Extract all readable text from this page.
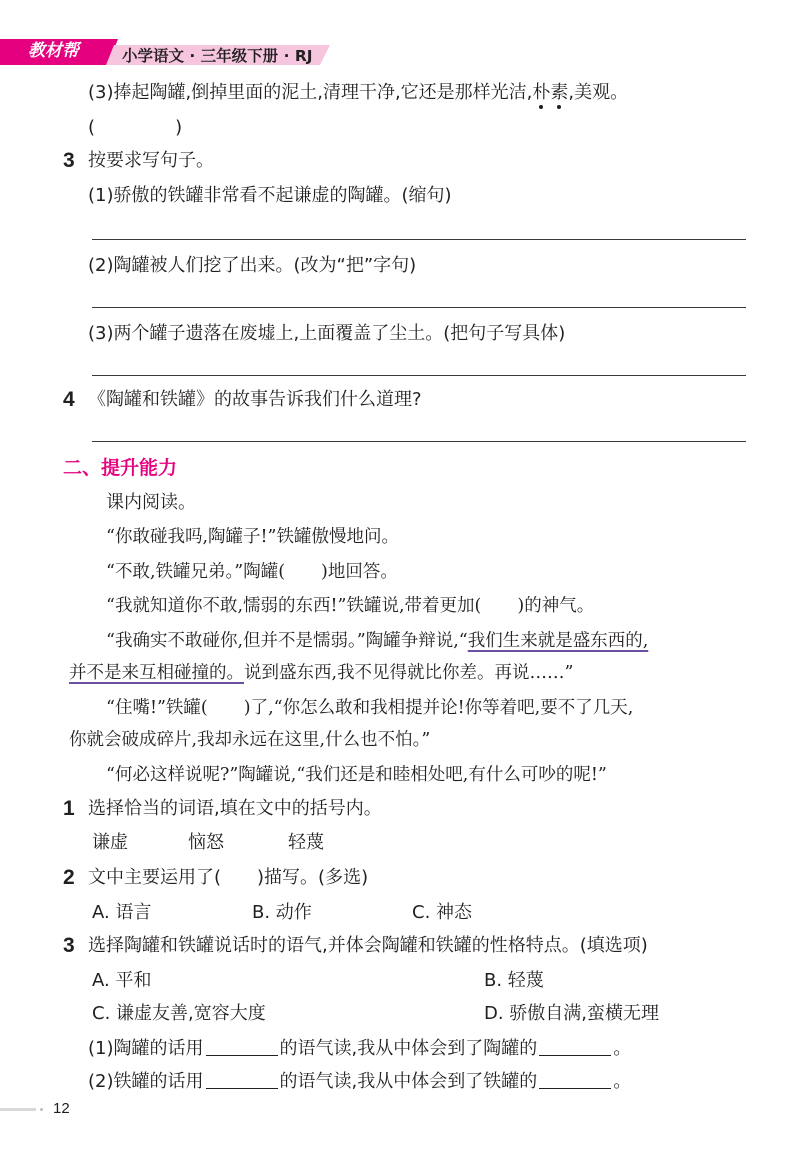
教材帮	小学语文 · 三年级下册 · RJ
(3)捧起陶罐,倒掉里面的泥土,清理干净,它还是那样光洁,朴素,美观。
(              )
3 按要求写句子。
(1)骄傲的铁罐非常看不起谦虚的陶罐。(缩句)
(2)陶罐被人们挖了出来。(改为“把”字句)
(3)两个罐子遗落在废墟上,上面覆盖了尘土。(把句子写具体)
4 《陶罐和铁罐》的故事告诉我们什么道理?
二、提升能力
课内阅读。
“你敢碰我吗,陶罐子!”铁罐傲慢地问。
“不敢,铁罐兄弟。”陶罐( )地回答。
“我就知道你不敢,懦弱的东西!”铁罐说,带着更加( )的神气。
“我确实不敢碰你,但并不是懦弱。”陶罐争辩说,“我们生来就是盛东西的,
并不是来互相碰撞的。说到盛东西,我不见得就比你差。再说……”
“住嘴!”铁罐( )了,“你怎么敢和我相提并论!你等着吧,要不了几天,
你就会破成碎片,我却永远在这里,什么也不怕。”
“何必这样说呢?”陶罐说,“我们还是和睦相处吧,有什么可吵的呢!”
1 选择恰当的词语,填在文中的括号内。
谦虚	恼怒	轻蔑
2 文中主要运用了( )描写。(多选)
A. 语言	B. 动作	C. 神态
3 选择陶罐和铁罐说话时的语气,并体会陶罐和铁罐的性格特点。(填选项)
A. 平和	B. 轻蔑
C. 谦虚友善,宽容大度	D. 骄傲自满,蛮横无理
(1)陶罐的话用	的语气读,我从中体会到了陶罐的	。
(2)铁罐的话用	的语气读,我从中体会到了铁罐的	。
12
